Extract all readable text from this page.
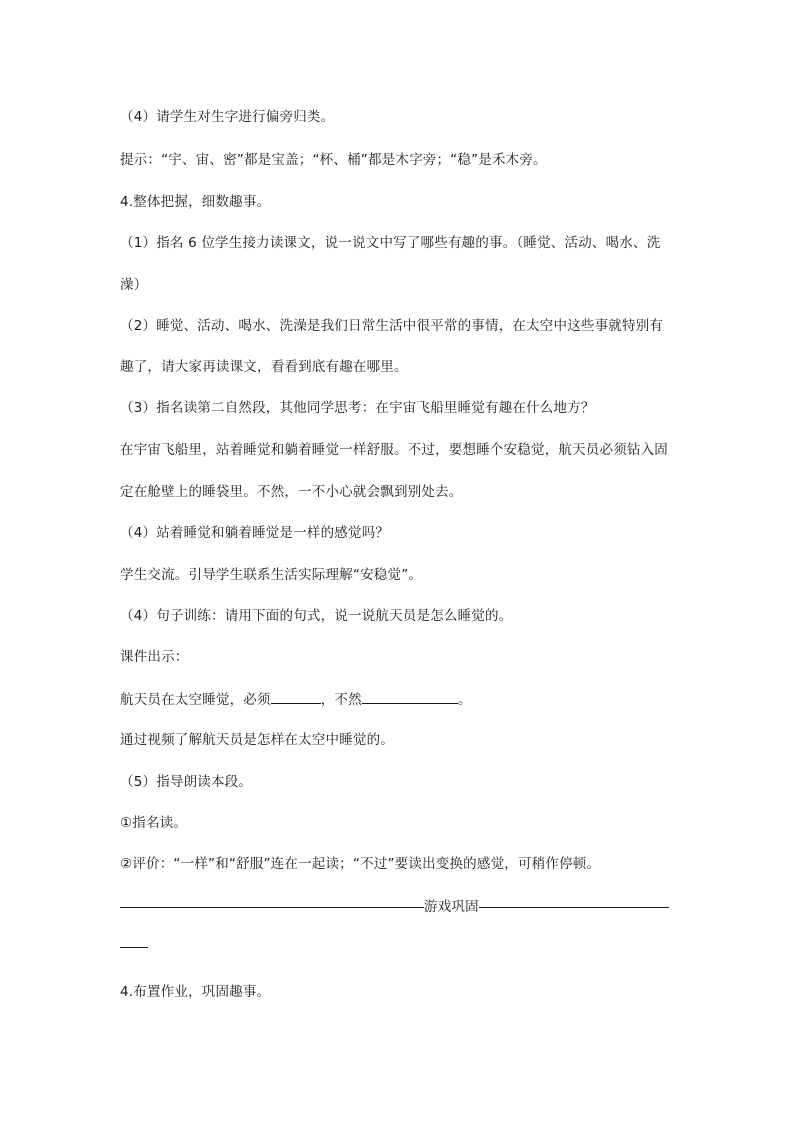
（4）请学生对生字进行偏旁归类。
提示：“宇、宙、密”都是宝盖；“杯、桶”都是木字旁；“稳”是禾木旁。
4.整体把握，细数趣事。
（1）指名 6 位学生接力读课文，说一说文中写了哪些有趣的事。（睡觉、活动、喝水、洗
澡）
（2）睡觉、活动、喝水、洗澡是我们日常生活中很平常的事情，在太空中这些事就特别有
趣了，请大家再读课文，看看到底有趣在哪里。
（3）指名读第二自然段，其他同学思考：在宇宙飞船里睡觉有趣在什么地方？
在宇宙飞船里，站着睡觉和躺着睡觉一样舒服。不过，要想睡个安稳觉，航天员必须钻入固
定在舱壁上的睡袋里。不然，一不小心就会飘到别处去。
（4）站着睡觉和躺着睡觉是一样的感觉吗？
学生交流。引导学生联系生活实际理解“安稳觉”。
（4）句子训练：请用下面的句式，说一说航天员是怎么睡觉的。
课件出示：
航天员在太空睡觉，必须	，不然	。
通过视频了解航天员是怎样在太空中睡觉的。
（5）指导朗读本段。
①指名读。
②评价：“一样”和“舒服”连在一起读；“不过”要读出变换的感觉，可稍作停顿。
游戏巩固
4.布置作业，巩固趣事。
